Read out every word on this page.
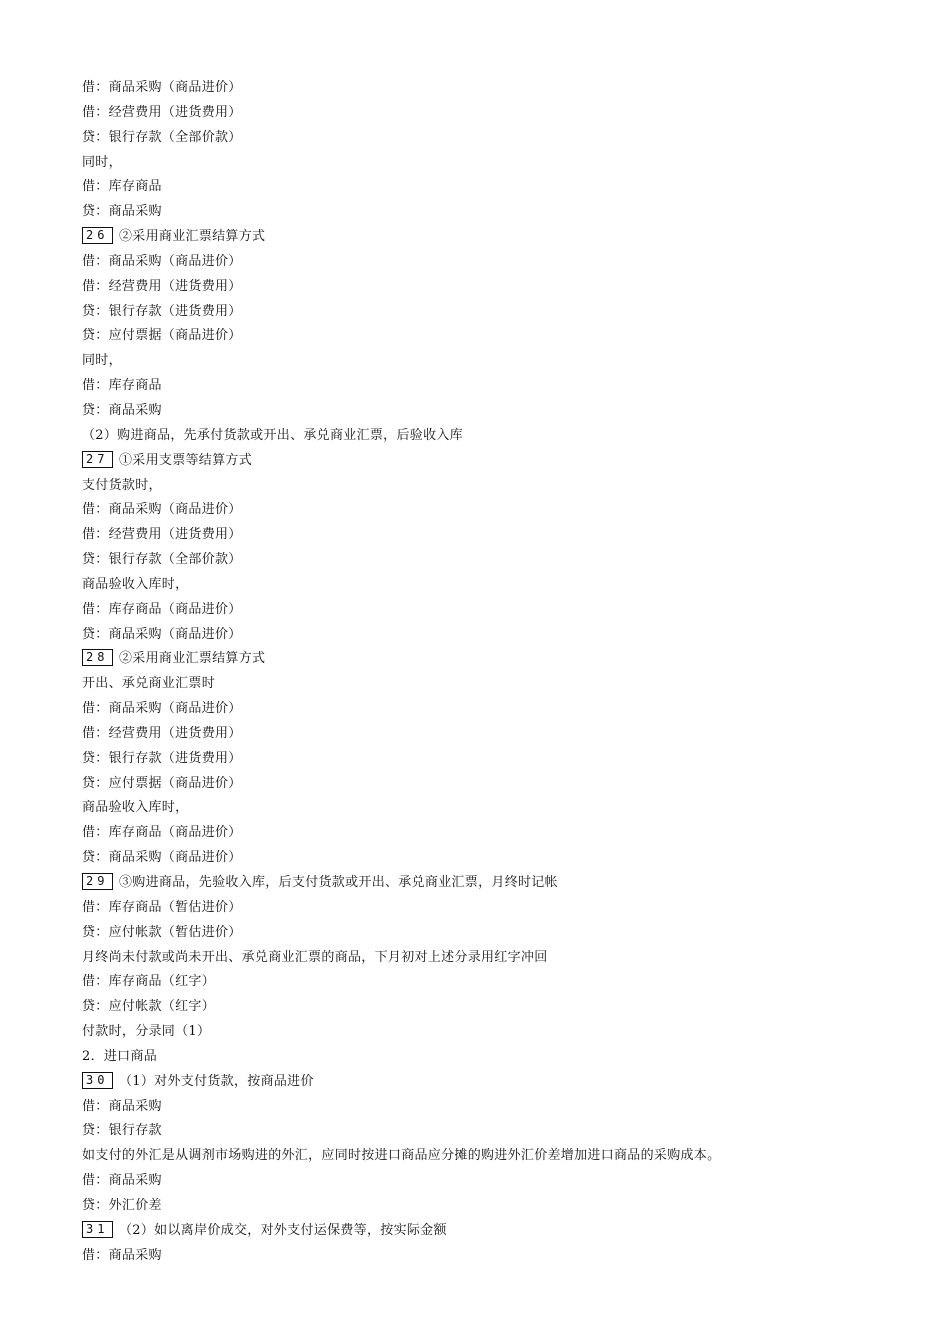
借：商品采购（商品进价）
借：经营费用（进货费用）
贷：银行存款（全部价款）
同时，
借：库存商品
贷：商品采购
26 ②采用商业汇票结算方式
借：商品采购（商品进价）
借：经营费用（进货费用）
贷：银行存款（进货费用）
贷：应付票据（商品进价）
同时，
借：库存商品
贷：商品采购
（2）购进商品，先承付货款或开出、承兑商业汇票，后验收入库
27 ①采用支票等结算方式
支付货款时，
借：商品采购（商品进价）
借：经营费用（进货费用）
贷：银行存款（全部价款）
商品验收入库时，
借：库存商品（商品进价）
贷：商品采购（商品进价）
28 ②采用商业汇票结算方式
开出、承兑商业汇票时
借：商品采购（商品进价）
借：经营费用（进货费用）
贷：银行存款（进货费用）
贷：应付票据（商品进价）
商品验收入库时，
借：库存商品（商品进价）
贷：商品采购（商品进价）
29 ③购进商品，先验收入库，后支付货款或开出、承兑商业汇票，月终时记帐
借：库存商品（暂估进价）
贷：应付帐款（暂估进价）
月终尚未付款或尚未开出、承兑商业汇票的商品，下月初对上述分录用红字冲回
借：库存商品（红字）
贷：应付帐款（红字）
付款时，分录同（1）
2．进口商品
30 （1）对外支付货款，按商品进价
借：商品采购
贷：银行存款
如支付的外汇是从调剂市场购进的外汇，应同时按进口商品应分摊的购进外汇价差增加进口商品的采购成本。
借：商品采购
贷：外汇价差
31 （2）如以离岸价成交，对外支付运保费等，按实际金额
借：商品采购
